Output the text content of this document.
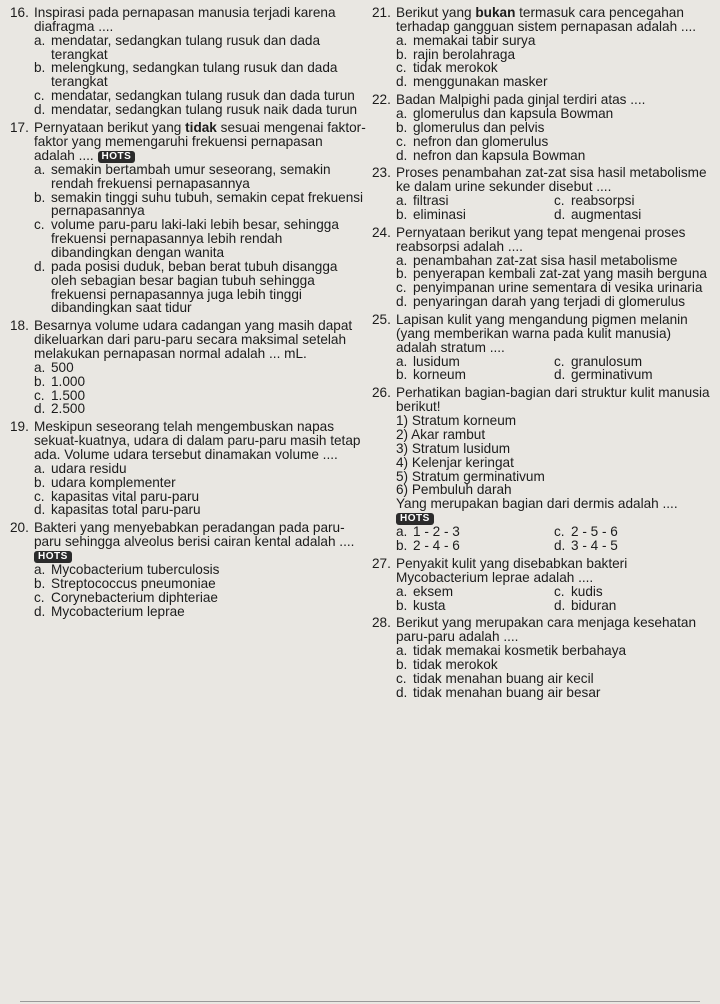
16. Inspirasi pada pernapasan manusia terjadi karena diafragma ....
a. mendatar, sedangkan tulang rusuk dan dada terangkat
b. melengkung, sedangkan tulang rusuk dan dada terangkat
c. mendatar, sedangkan tulang rusuk dan dada turun
d. mendatar, sedangkan tulang rusuk naik dada turun
17. Pernyataan berikut yang tidak sesuai mengenai faktor-faktor yang memengaruhi frekuensi pernapasan adalah .... HOTS
a. semakin bertambah umur seseorang, semakin rendah frekuensi pernapasannya
b. semakin tinggi suhu tubuh, semakin cepat frekuensi pernapasannya
c. volume paru-paru laki-laki lebih besar, sehingga frekuensi pernapasannya lebih rendah dibandingkan dengan wanita
d. pada posisi duduk, beban berat tubuh disangga oleh sebagian besar bagian tubuh sehingga frekuensi pernapasannya juga lebih tinggi dibandingkan saat tidur
18. Besarnya volume udara cadangan yang masih dapat dikeluarkan dari paru-paru secara maksimal setelah melakukan pernapasan normal adalah ... mL.
a. 500
b. 1.000
c. 1.500
d. 2.500
19. Meskipun seseorang telah mengembuskan napas sekuat-kuatnya, udara di dalam paru-paru masih tetap ada. Volume udara tersebut dinamakan volume ....
a. udara residu
b. udara komplementer
c. kapasitas vital paru-paru
d. kapasitas total paru-paru
20. Bakteri yang menyebabkan peradangan pada paru-paru sehingga alveolus berisi cairan kental adalah .... HOTS
a. Mycobacterium tuberculosis
b. Streptococcus pneumoniae
c. Corynebacterium diphteriae
d. Mycobacterium leprae
21. Berikut yang bukan termasuk cara pencegahan terhadap gangguan sistem pernapasan adalah ....
a. memakai tabir surya
b. rajin berolahraga
c. tidak merokok
d. menggunakan masker
22. Badan Malpighi pada ginjal terdiri atas ....
a. glomerulus dan kapsula Bowman
b. glomerulus dan pelvis
c. nefron dan glomerulus
d. nefron dan kapsula Bowman
23. Proses penambahan zat-zat sisa hasil metabolisme ke dalam urine sekunder disebut ....
a. filtrasi	c. reabsorpsi
b. eliminasi	d. augmentasi
24. Pernyataan berikut yang tepat mengenai proses reabsorpsi adalah ....
a. penambahan zat-zat sisa hasil metabolisme
b. penyerapan kembali zat-zat yang masih berguna
c. penyimpanan urine sementara di vesika urinaria
d. penyaringan darah yang terjadi di glomerulus
25. Lapisan kulit yang mengandung pigmen melanin (yang memberikan warna pada kulit manusia) adalah stratum ....
a. lusidum	c. granulosum
b. korneum	d. germinativum
26. Perhatikan bagian-bagian dari struktur kulit manusia berikut!
1) Stratum korneum
2) Akar rambut
3) Stratum lusidum
4) Kelenjar keringat
5) Stratum germinativum
6) Pembuluh darah
Yang merupakan bagian dari dermis adalah .... HOTS
a. 1 - 2 - 3	c. 2 - 5 - 6
b. 2 - 4 - 6	d. 3 - 4 - 5
27. Penyakit kulit yang disebabkan bakteri Mycobacterium leprae adalah ....
a. eksem	c. kudis
b. kusta	d. biduran
28. Berikut yang merupakan cara menjaga kesehatan paru-paru adalah ....
a. tidak memakai kosmetik berbahaya
b. tidak merokok
c. tidak menahan buang air kecil
d. tidak menahan buang air besar
